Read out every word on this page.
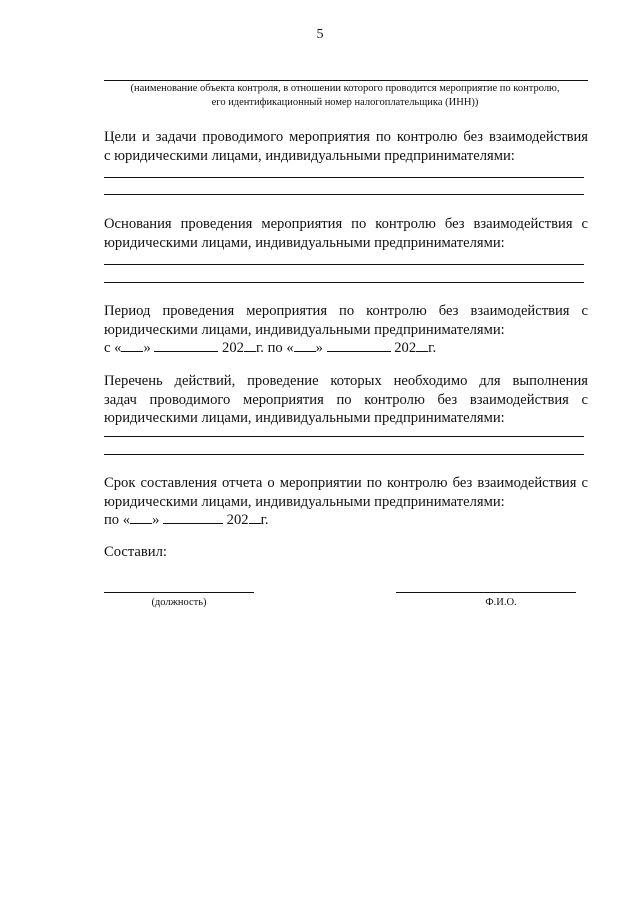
5
(наименование объекта контроля, в отношении которого проводится мероприятие по контролю,
его идентификационный номер налогоплательщика (ИНН))
Цели и задачи проводимого мероприятия по контролю без взаимодействия
с юридическими лицами, индивидуальными предпринимателями:
Основания проведения мероприятия по контролю без взаимодействия с
юридическими лицами, индивидуальными предпринимателями:
Период проведения мероприятия по контролю без взаимодействия с
юридическими лицами, индивидуальными предпринимателями:
с « »	202 г. по « »	202 г.
Перечень действий, проведение которых необходимо для выполнения
задач проводимого мероприятия по контролю без взаимодействия с
юридическими лицами, индивидуальными предпринимателями:
Срок составления отчета о мероприятии по контролю без взаимодействия с
юридическими лицами, индивидуальными предпринимателями:
по « »	202 г.
Составил:
(должность)	Ф.И.О.
